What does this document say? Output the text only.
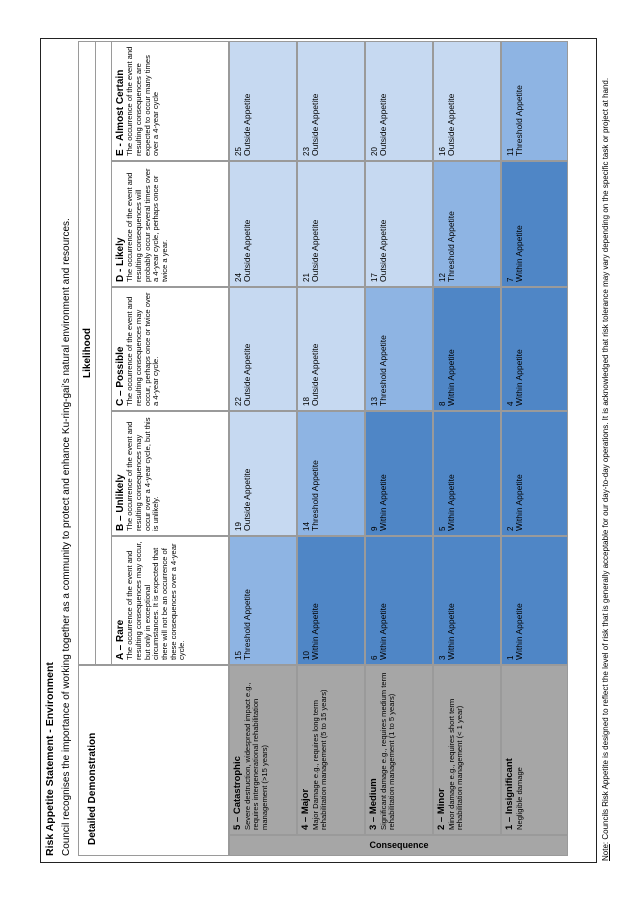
Risk Appetite Statement - Environment Council recognises the importance of working together as a community to protect and enhance Ku-ring-gai's natural environment and resources.	Detailed Demonstration
Likelihood
A – Rare The occurrence of the event and resulting consequences may occur, but only in exceptional circumstances. It is expected that there will not be an occurrence of these consequences over a 4-year cycle.
B – Unlikely The occurrence of the event and resulting consequences may occur over a 4-year cycle, but this is unlikely.
C – Possible The occurrence of the event and resulting consequences may occur, perhaps once or twice over a 4-year cycle.
D - Likely The occurrence of the event and resulting consequences will probably occur several times over a 4-year cycle, perhaps once or twice a year.
E - Almost Certain The occurrence of the event and resulting consequences are expected to occur many times over a 4-year cycle
Consequence
5 – Catastrophic Severe destruction, widespread impact e.g., requires intergenerational rehabilitation management (>15 years)
15 Threshold Appetite
19 Outside Appetite
22 Outside Appetite
24 Outside Appetite
25 Outside Appetite
4 – Major Major Damage e.g., requires long term rehabilitation management (5 to 15 years)
10 Within Appetite
14 Threshold Appetite
18 Outside Appetite
21 Outside Appetite
23 Outside Appetite
3 – Medium Significant damage e.g., requires medium term rehabilitation management (1 to 5 years)
6 Within Appetite
9 Within Appetite
13 Threshold Appetite
17 Outside Appetite
20 Outside Appetite
2 – Minor Minor damage e.g., requires short term rehabilitation management (< 1 year)
3 Within Appetite
5 Within Appetite
8 Within Appetite
12 Threshold Appetite
16 Outside Appetite
1 – Insignificant Negligible damage
1 Within Appetite
2 Within Appetite
4 Within Appetite
7 Within Appetite
11 Threshold Appetite
Note: Councils Risk Appetite is designed to reflect the level of risk that is generally acceptable for our day-to-day operations. It is acknowledged that risk tolerance may vary depending on the specific task or project at hand.
